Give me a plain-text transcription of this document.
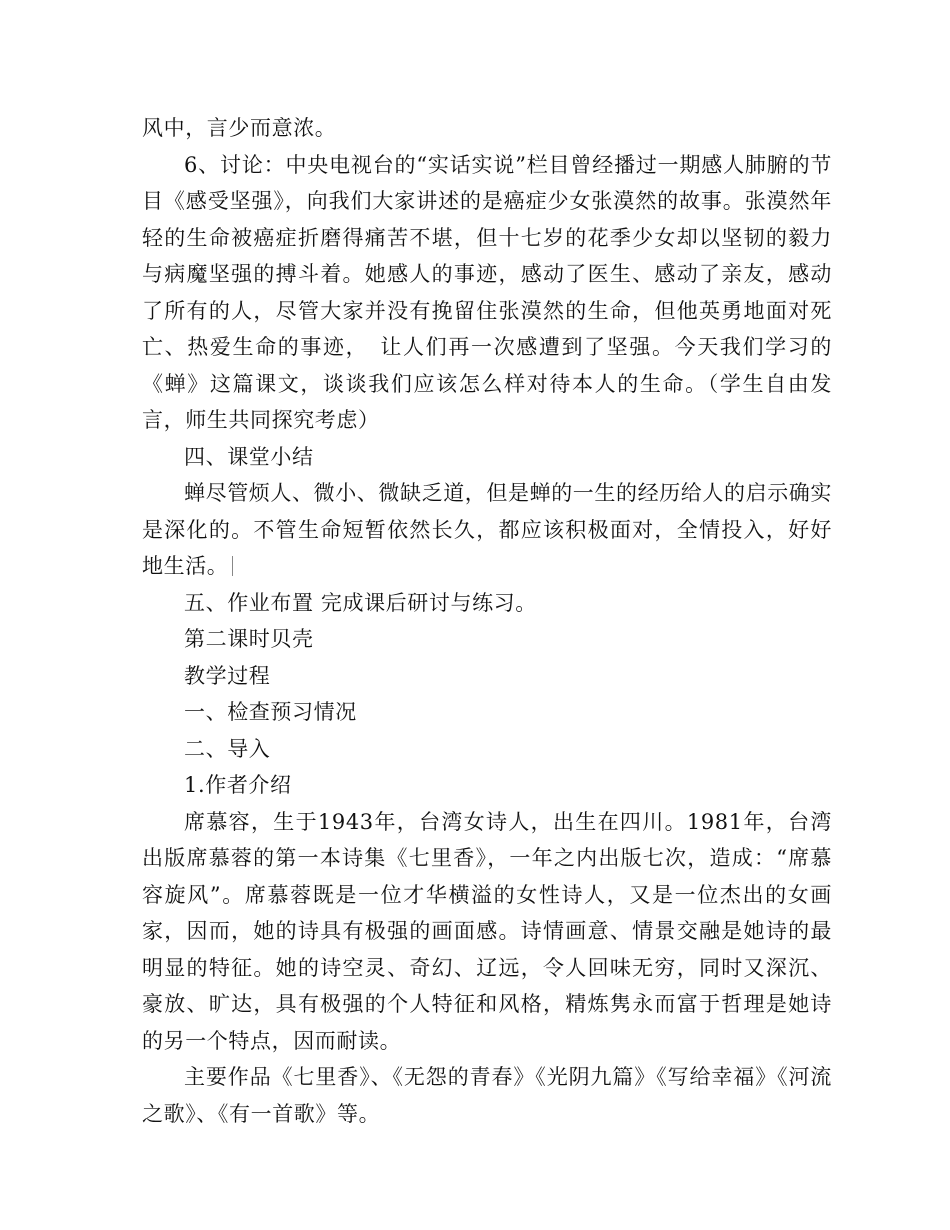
风中，言少而意浓。

6、讨论：中央电视台的“实话实说”栏目曾经播过一期感人肺腑的节目《感受坚强》，向我们大家讲述的是癌症少女张漠然的故事。张漠然年轻的生命被癌症折磨得痛苦不堪，但十七岁的花季少女却以坚韧的毅力与病魔坚强的搏斗着。她感人的事迹，感动了医生、感动了亲友，感动了所有的人，尽管大家并没有挽留住张漠然的生命，但他英勇地面对死亡、热爱生命的事迹，　让人们再一次感遭到了坚强。今天我们学习的《蝉》这篇课文，谈谈我们应该怎么样对待本人的生命。（学生自由发言，师生共同探究考虑）

四、课堂小结

蝉尽管烦人、微小、微缺乏道，但是蝉的一生的经历给人的启示确实是深化的。不管生命短暂依然长久，都应该积极面对，全情投入，好好地生活。

五、作业布置 完成课后研讨与练习。

第二课时贝壳

教学过程

一、检查预习情况

二、导入

1.作者介绍

席慕容，生于1943年，台湾女诗人，出生在四川。1981年，台湾出版席慕蓉的第一本诗集《七里香》，一年之内出版七次，造成：“席慕容旋风”。席慕蓉既是一位才华横溢的女性诗人，又是一位杰出的女画家，因而，她的诗具有极强的画面感。诗情画意、情景交融是她诗的最明显的特征。她的诗空灵、奇幻、辽远，令人回味无穷，同时又深沉、豪放、旷达，具有极强的个人特征和风格，精炼隽永而富于哲理是她诗的另一个特点，因而耐读。

主要作品《七里香》、《无怨的青春》《光阴九篇》《写给幸福》《河流之歌》、《有一首歌》等。
